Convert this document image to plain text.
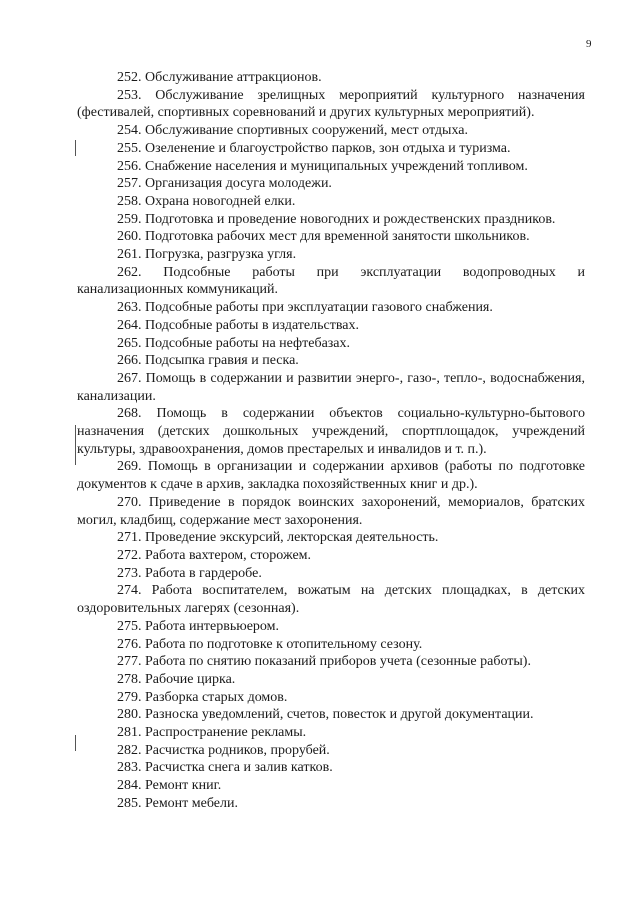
9

252. Обслуживание аттракционов.

253. Обслуживание зрелищных мероприятий культурного назначения (фестивалей, спортивных соревнований и других культурных мероприятий).

254. Обслуживание спортивных сооружений, мест отдыха.

255. Озеленение и благоустройство парков, зон отдыха и туризма.

256. Снабжение населения и муниципальных учреждений топливом.

257. Организация досуга молодежи.

258. Охрана новогодней елки.

259. Подготовка и проведение новогодних и рождественских праздников.

260. Подготовка рабочих мест для временной занятости школьников.

261. Погрузка, разгрузка угля.

262. Подсобные работы при эксплуатации водопроводных и канализационных коммуникаций.

263. Подсобные работы при эксплуатации газового снабжения.

264. Подсобные работы в издательствах.

265. Подсобные работы на нефтебазах.

266. Подсыпка гравия и песка.

267. Помощь в содержании и развитии энерго-, газо-, тепло-, водоснабжения, канализации.

268. Помощь в содержании объектов социально-культурно-бытового назначения (детских дошкольных учреждений, спортплощадок, учреждений культуры, здравоохранения, домов престарелых и инвалидов и т. п.).

269. Помощь в организации и содержании архивов (работы по подготовке документов к сдаче в архив, закладка похозяйственных книг и др.).

270. Приведение в порядок воинских захоронений, мемориалов, братских могил, кладбищ, содержание мест захоронения.

271. Проведение экскурсий, лекторская деятельность.

272. Работа вахтером, сторожем.

273. Работа в гардеробе.

274. Работа воспитателем, вожатым на детских площадках, в детских оздоровительных лагерях (сезонная).

275. Работа интервьюером.

276. Работа по подготовке к отопительному сезону.

277. Работа по снятию показаний приборов учета (сезонные работы).

278. Рабочие цирка.

279. Разборка старых домов.

280. Разноска уведомлений, счетов, повесток и другой документации.

281. Распространение рекламы.

282. Расчистка родников, прорубей.

283. Расчистка снега и залив катков.

284. Ремонт книг.

285. Ремонт мебели.
